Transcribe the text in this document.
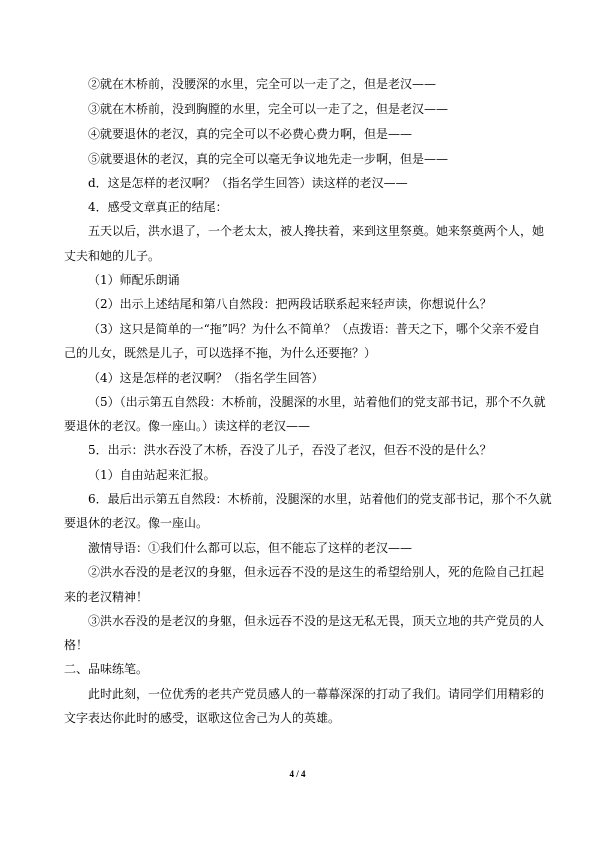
②就在木桥前，没腰深的水里，完全可以一走了之，但是老汉——
③就在木桥前，没到胸膛的水里，完全可以一走了之，但是老汉——
④就要退休的老汉，真的完全可以不必费心费力啊，但是——
⑤就要退休的老汉，真的完全可以毫无争议地先走一步啊，但是——
d．这是怎样的老汉啊？（指名学生回答）读这样的老汉——
4．感受文章真正的结尾：
五天以后，洪水退了，一个老太太，被人搀扶着，来到这里祭奠。她来祭奠两个人，她
丈夫和她的儿子。
（1）师配乐朗诵
（2）出示上述结尾和第八自然段：把两段话联系起来轻声读，你想说什么？
（3）这只是简单的一“拖”吗？为什么不简单？（点拨语：普天之下，哪个父亲不爱自
己的儿女，既然是儿子，可以选择不拖，为什么还要拖？）
（4）这是怎样的老汉啊？（指名学生回答）
（5）（出示第五自然段：木桥前，没腿深的水里，站着他们的党支部书记，那个不久就
要退休的老汉。像一座山。）读这样的老汉——
5．出示：洪水吞没了木桥，吞没了儿子，吞没了老汉，但吞不没的是什么？
（1）自由站起来汇报。
6．最后出示第五自然段：木桥前，没腿深的水里，站着他们的党支部书记，那个不久就
要退休的老汉。像一座山。
激情导语：①我们什么都可以忘，但不能忘了这样的老汉——
②洪水吞没的是老汉的身躯，但永远吞不没的是这生的希望给别人，死的危险自己扛起
来的老汉精神！
③洪水吞没的是老汉的身躯，但永远吞不没的是这无私无畏，顶天立地的共产党员的人
格！
二、品味练笔。
此时此刻，一位优秀的老共产党员感人的一幕幕深深的打动了我们。请同学们用精彩的
文字表达你此时的感受，讴歌这位舍己为人的英雄。
4 / 4
